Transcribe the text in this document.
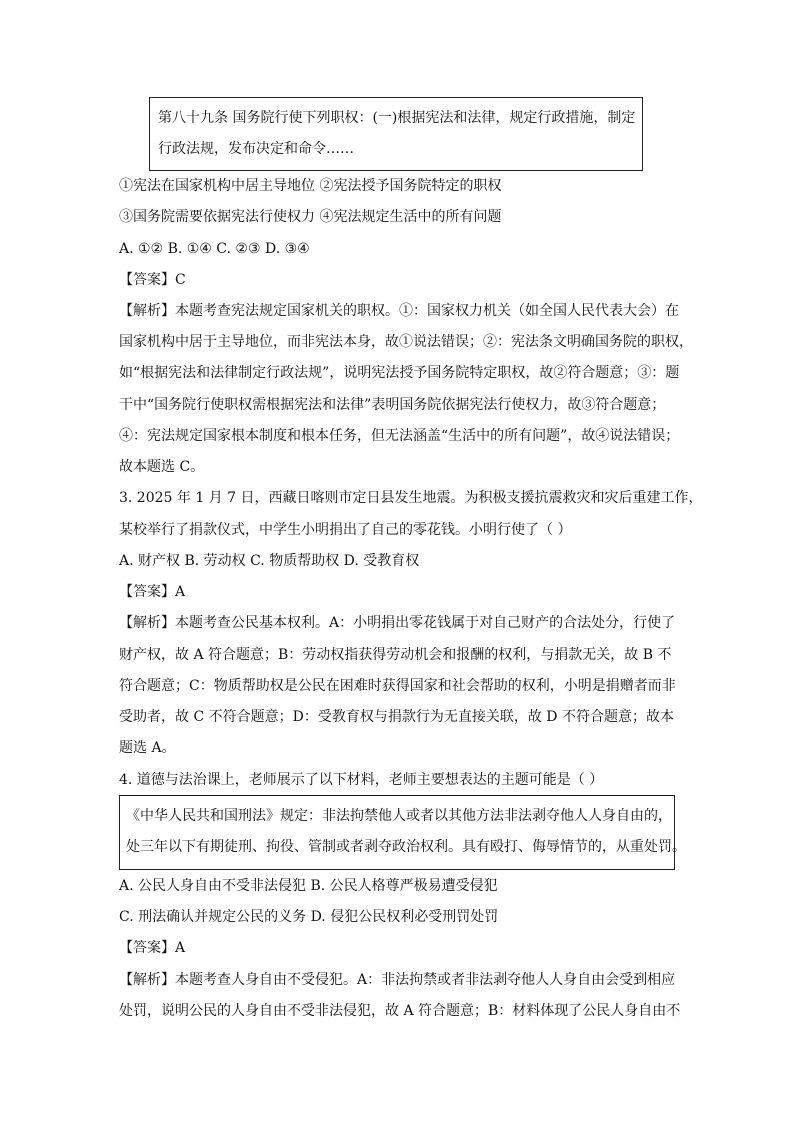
第八十九条 国务院行使下列职权：(一)根据宪法和法律，规定行政措施，制定
行政法规，发布决定和命令……
①宪法在国家机构中居主导地位 ②宪法授予国务院特定的职权
③国务院需要依据宪法行使权力 ④宪法规定生活中的所有问题
A. ①② B. ①④ C. ②③ D. ③④
【答案】C
【解析】本题考查宪法规定国家机关的职权。①：国家权力机关（如全国人民代表大会）在
国家机构中居于主导地位，而非宪法本身，故①说法错误；②：宪法条文明确国务院的职权，
如“根据宪法和法律制定行政法规”，说明宪法授予国务院特定职权，故②符合题意；③：题
干中“国务院行使职权需根据宪法和法律”表明国务院依据宪法行使权力，故③符合题意；
④：宪法规定国家根本制度和根本任务，但无法涵盖“生活中的所有问题”，故④说法错误；
故本题选 C。
3. 2025 年 1 月 7 日，西藏日喀则市定日县发生地震。为积极支援抗震救灾和灾后重建工作，
某校举行了捐款仪式，中学生小明捐出了自己的零花钱。小明行使了（ ）
A. 财产权 B. 劳动权 C. 物质帮助权 D. 受教育权
【答案】A
【解析】本题考查公民基本权利。A：小明捐出零花钱属于对自己财产的合法处分，行使了
财产权，故 A 符合题意；B：劳动权指获得劳动机会和报酬的权利，与捐款无关，故 B 不
符合题意；C：物质帮助权是公民在困难时获得国家和社会帮助的权利，小明是捐赠者而非
受助者，故 C 不符合题意；D：受教育权与捐款行为无直接关联，故 D 不符合题意；故本
题选 A。
4. 道德与法治课上，老师展示了以下材料，老师主要想表达的主题可能是（ ）
《中华人民共和国刑法》规定：非法拘禁他人或者以其他方法非法剥夺他人人身自由的，
处三年以下有期徒刑、拘役、管制或者剥夺政治权利。具有殴打、侮辱情节的，从重处罚。
A. 公民人身自由不受非法侵犯 B. 公民人格尊严极易遭受侵犯
C. 刑法确认并规定公民的义务 D. 侵犯公民权利必受刑罚处罚
【答案】A
【解析】本题考查人身自由不受侵犯。A：非法拘禁或者非法剥夺他人人身自由会受到相应
处罚，说明公民的人身自由不受非法侵犯，故 A 符合题意；B：材料体现了公民人身自由不
